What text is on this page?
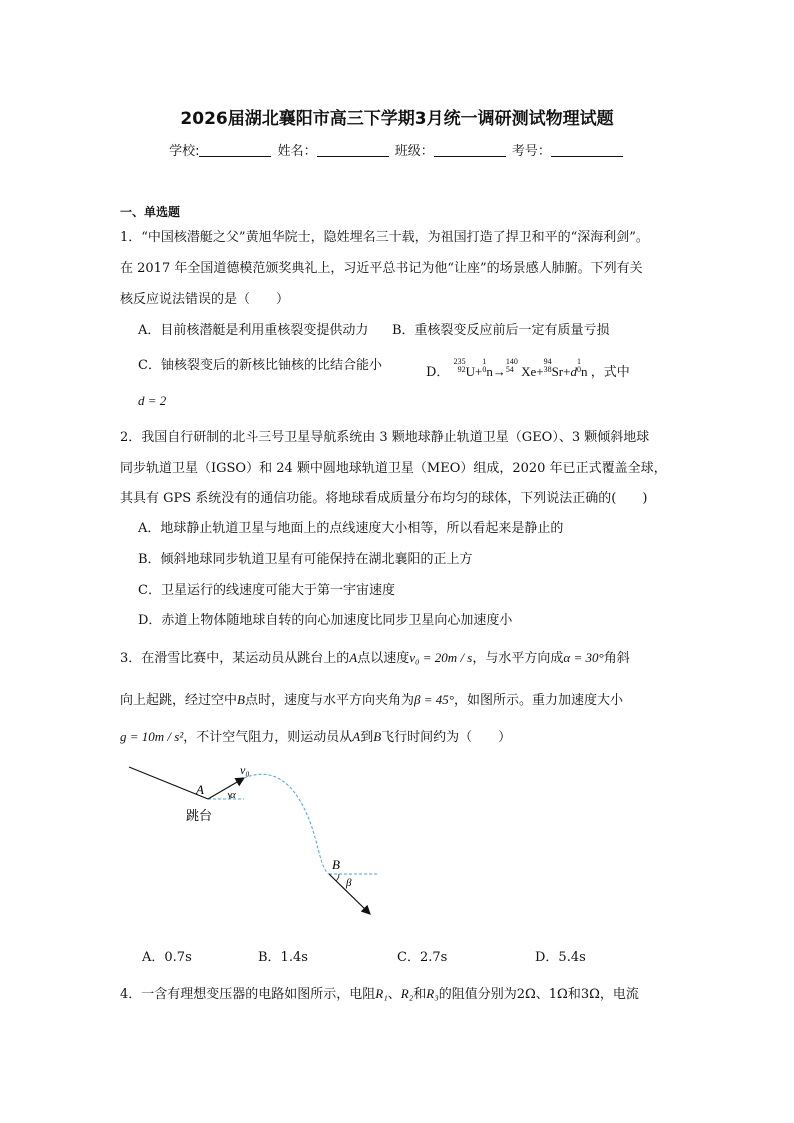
2026届湖北襄阳市高三下学期3月统一调研测试物理试题
学校:	姓名：	班级：	考号：
一、单选题
1．“中国核潜艇之父”黄旭华院士，隐姓埋名三十载，为祖国打造了捍卫和平的“深海利剑”。
在 2017 年全国道德模范颁奖典礼上，习近平总书记为他“让座”的场景感人肺腑。下列有关
核反应说法错误的是（　　）
A．目前核潜艇是利用重核裂变提供动力 B．重核裂变反应前后一定有质量亏损
C．铀核裂变后的新核比铀核的比结合能小	D．
235
92 U+
1
0 n→
140
54 Xe+
94
38 Sr+d
1
0 n ，式中
d = 2
2．我国自行研制的北斗三号卫星导航系统由 3 颗地球静止轨道卫星（GEO）、3 颗倾斜地球
同步轨道卫星（IGSO）和 24 颗中圆地球轨道卫星（MEO）组成，2020 年已正式覆盖全球，
其具有 GPS 系统没有的通信功能。将地球看成质量分布均匀的球体，下列说法正确的(　　)
A．地球静止轨道卫星与地面上的点线速度大小相等，所以看起来是静止的
B．倾斜地球同步轨道卫星有可能保持在湖北襄阳的正上方
C．卫星运行的线速度可能大于第一宇宙速度
D．赤道上物体随地球自转的向心加速度比同步卫星向心加速度小
3．在滑雪比赛中，某运动员从跳台上的A点以速度v₀ = 20m / s，与水平方向成α = 30°角斜
向上起跳，经过空中B点时，速度与水平方向夹角为β = 45°，如图所示。重力加速度大小
g = 10m / s²，不计空气阻力，则运动员从A到B飞行时间约为（　　）
A α
v₀
跳台
B
β
A．0.7s	B．1.4s	C．2.7s	D．5.4s
4．一含有理想变压器的电路如图所示，电阻R₁、R₂和R₃的阻值分别为2Ω、1Ω和3Ω，电流
